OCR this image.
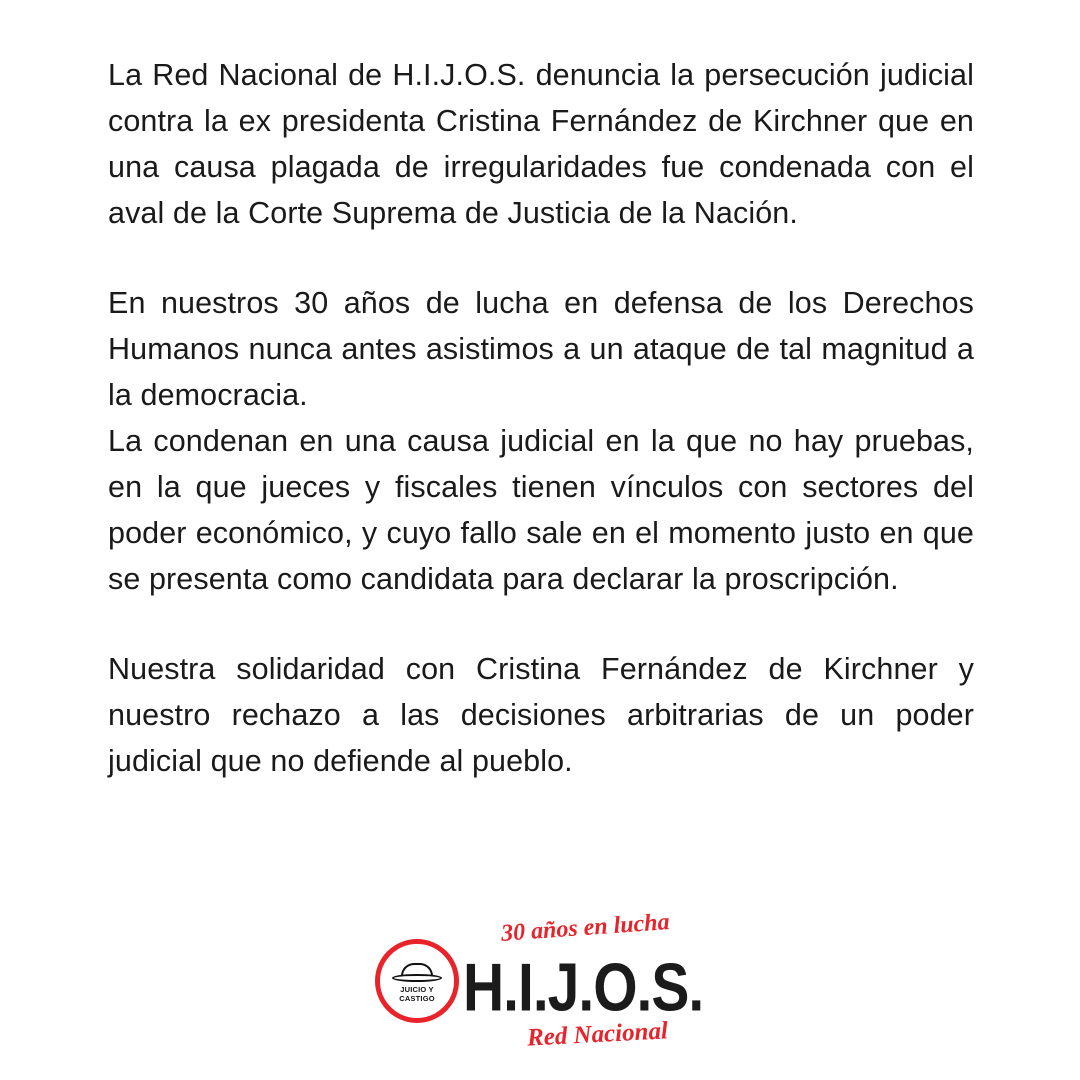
La Red Nacional de H.I.J.O.S. denuncia la persecución judicial contra la ex presidenta Cristina Fernández de Kirchner que en una causa plagada de irregularidades fue condenada con el aval de la Corte Suprema de Justicia de la Nación.

En nuestros 30 años de lucha en defensa de los Derechos Humanos nunca antes asistimos a un ataque de tal magnitud a la democracia.

La condenan en una causa judicial en la que no hay pruebas, en la que jueces y fiscales tienen vínculos con sectores del poder económico, y cuyo fallo sale en el momento justo en que se presenta como candidata para declarar la proscripción.

Nuestra solidaridad con Cristina Fernández de Kirchner y nuestro rechazo a las decisiones arbitrarias de un poder judicial que no defiende al pueblo.

JUICIO Y
CASTIGO
30 años en lucha
H.I.J.O.S.
Red Nacional
